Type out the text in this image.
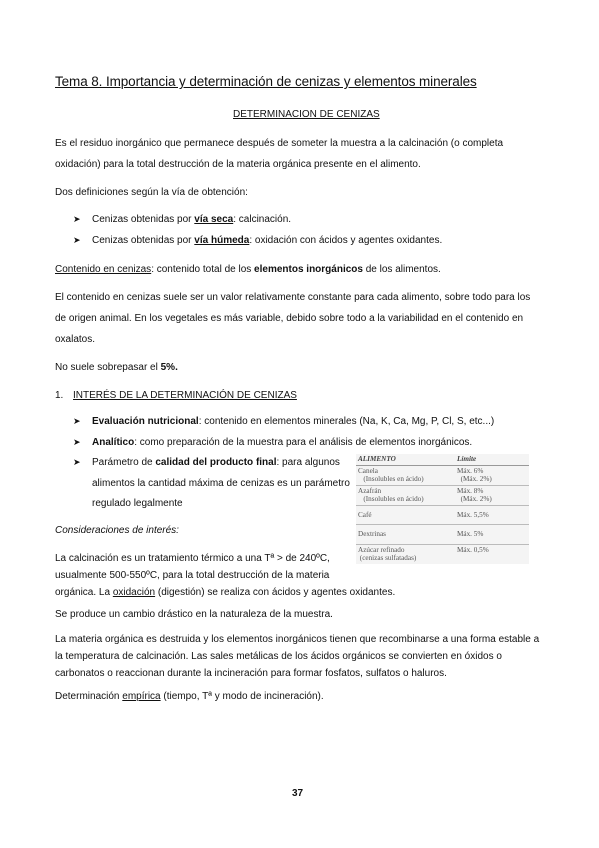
Tema 8. Importancia y determinación de cenizas y elementos minerales
DETERMINACION DE CENIZAS
Es el residuo inorgánico que permanece después de someter la muestra a la calcinación (o completa
oxidación) para la total destrucción de la materia orgánica presente en el alimento.
Dos definiciones según la vía de obtención:
➤ Cenizas obtenidas por vía seca: calcinación.
➤ Cenizas obtenidas por vía húmeda: oxidación con ácidos y agentes oxidantes.
Contenido en cenizas: contenido total de los elementos inorgánicos de los alimentos.
El contenido en cenizas suele ser un valor relativamente constante para cada alimento, sobre todo para los
de origen animal. En los vegetales es más variable, debido sobre todo a la variabilidad en el contenido en
oxalatos.
No suele sobrepasar el 5%.
1. INTERÉS DE LA DETERMINACIÓN DE CENIZAS
➤ Evaluación nutricional: contenido en elementos minerales (Na, K, Ca, Mg, P, Cl, S, etc...)
➤ Analítico: como preparación de la muestra para el análisis de elementos inorgánicos.
➤ Parámetro de calidad del producto final: para algunos
alimentos la cantidad máxima de cenizas es un parámetro
regulado legalmente
ALIMENTO	Límite
Canela
(Insolubles en ácido)	Máx. 6%
(Máx. 2%)
Azafrán
(Insolubles en ácido)	Máx. 8%
(Máx. 2%)
Café	Máx. 5,5%
Dextrinas	Máx. 5%
Azúcar refinado
(cenizas sulfatadas)	Máx. 0,5%
Consideraciones de interés:
La calcinación es un tratamiento térmico a una Tª > de 240ºC,
usualmente 500-550ºC, para la total destrucción de la materia
orgánica. La oxidación (digestión) se realiza con ácidos y agentes oxidantes.
Se produce un cambio drástico en la naturaleza de la muestra.
La materia orgánica es destruida y los elementos inorgánicos tienen que recombinarse a una forma estable a
la temperatura de calcinación. Las sales metálicas de los ácidos orgánicos se convierten en óxidos o
carbonatos o reaccionan durante la incineración para formar fosfatos, sulfatos o haluros.
Determinación empírica (tiempo, Tª y modo de incineración).
37
